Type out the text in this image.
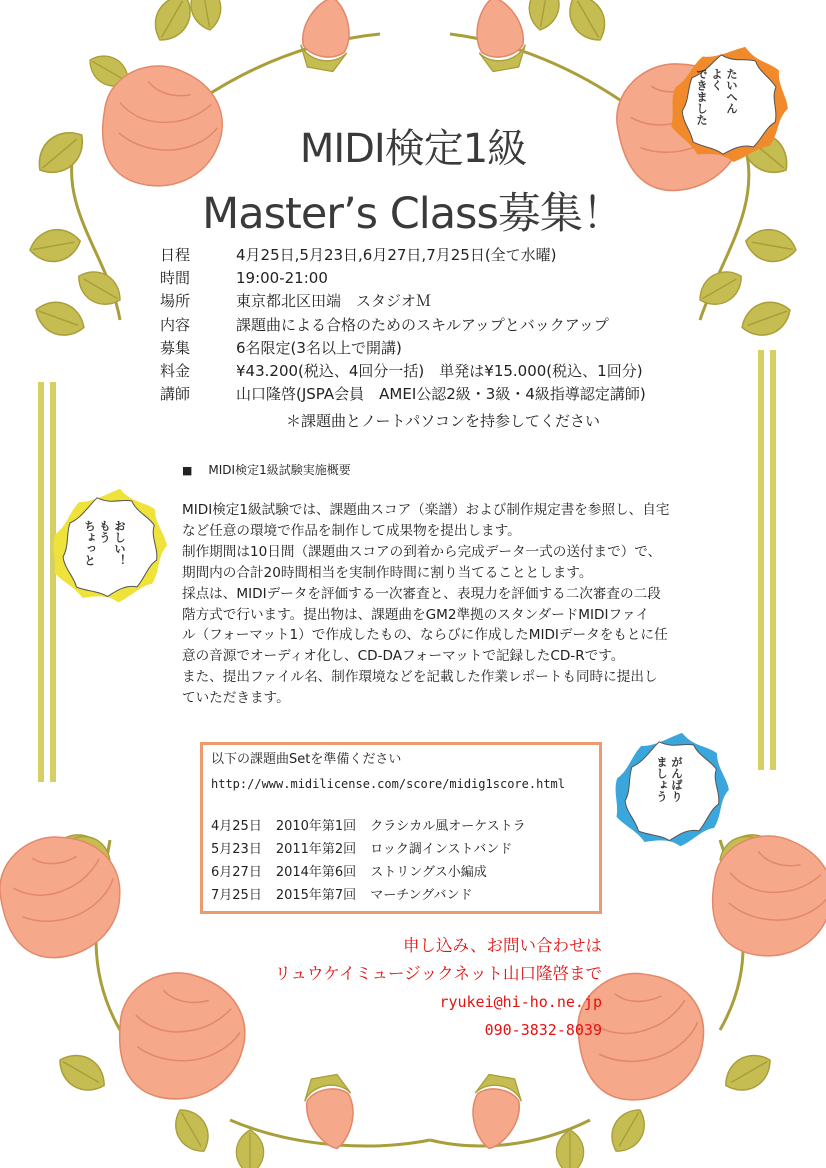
たいへん
よく
できました
おしい！
もう
ちょっと
がんばり
ましょう
MIDI検定1級
Master’s Class募集！
日程	4月25日,5月23日,6月27日,7月25日(全て水曜)
時間	19:00-21:00
場所	東京都北区田端　スタジオＭ
内容	課題曲による合格のためのスキルアップとバックアップ
募集	6名限定(3名以上で開講)
料金	¥43.200(税込、4回分一括)　単発は¥15.000(税込、1回分)
講師	山口隆啓(JSPA会員　AMEI公認2級・3級・4級指導認定講師)
＊課題曲とノートパソコンを持参してください
■ MIDI検定1級試験実施概要

MIDI検定1級試験では、課題曲スコア（楽譜）および制作規定書を参照し、自宅

など任意の環境で作品を制作して成果物を提出します。

制作期間は10日間（課題曲スコアの到着から完成データ一式の送付まで）で、

期間内の合計20時間相当を実制作時間に割り当てることとします。

採点は、MIDIデータを評価する一次審査と、表現力を評価する二次審査の二段

階方式で行います。提出物は、課題曲をGM2準拠のスタンダードMIDIファイ

ル（フォーマット1）で作成したもの、ならびに作成したMIDIデータをもとに任

意の音源でオーディオ化し、CD-DAフォーマットで記録したCD-Rです。

また、提出ファイル名、制作環境などを記載した作業レポートも同時に提出し

ていただきます。

以下の課題曲Setを準備ください
http://www.midilicense.com/score/midig1score.html
4月25日 2010年第1回 クラシカル風オーケストラ
5月23日 2011年第2回 ロック調インストバンド
6月27日 2014年第6回 ストリングス小編成
7月25日 2015年第7回 マーチングバンド
申し込み、お問い合わせは
リュウケイミュージックネット山口隆啓まで
ryukei@hi-ho.ne.jp
090-3832-8039
